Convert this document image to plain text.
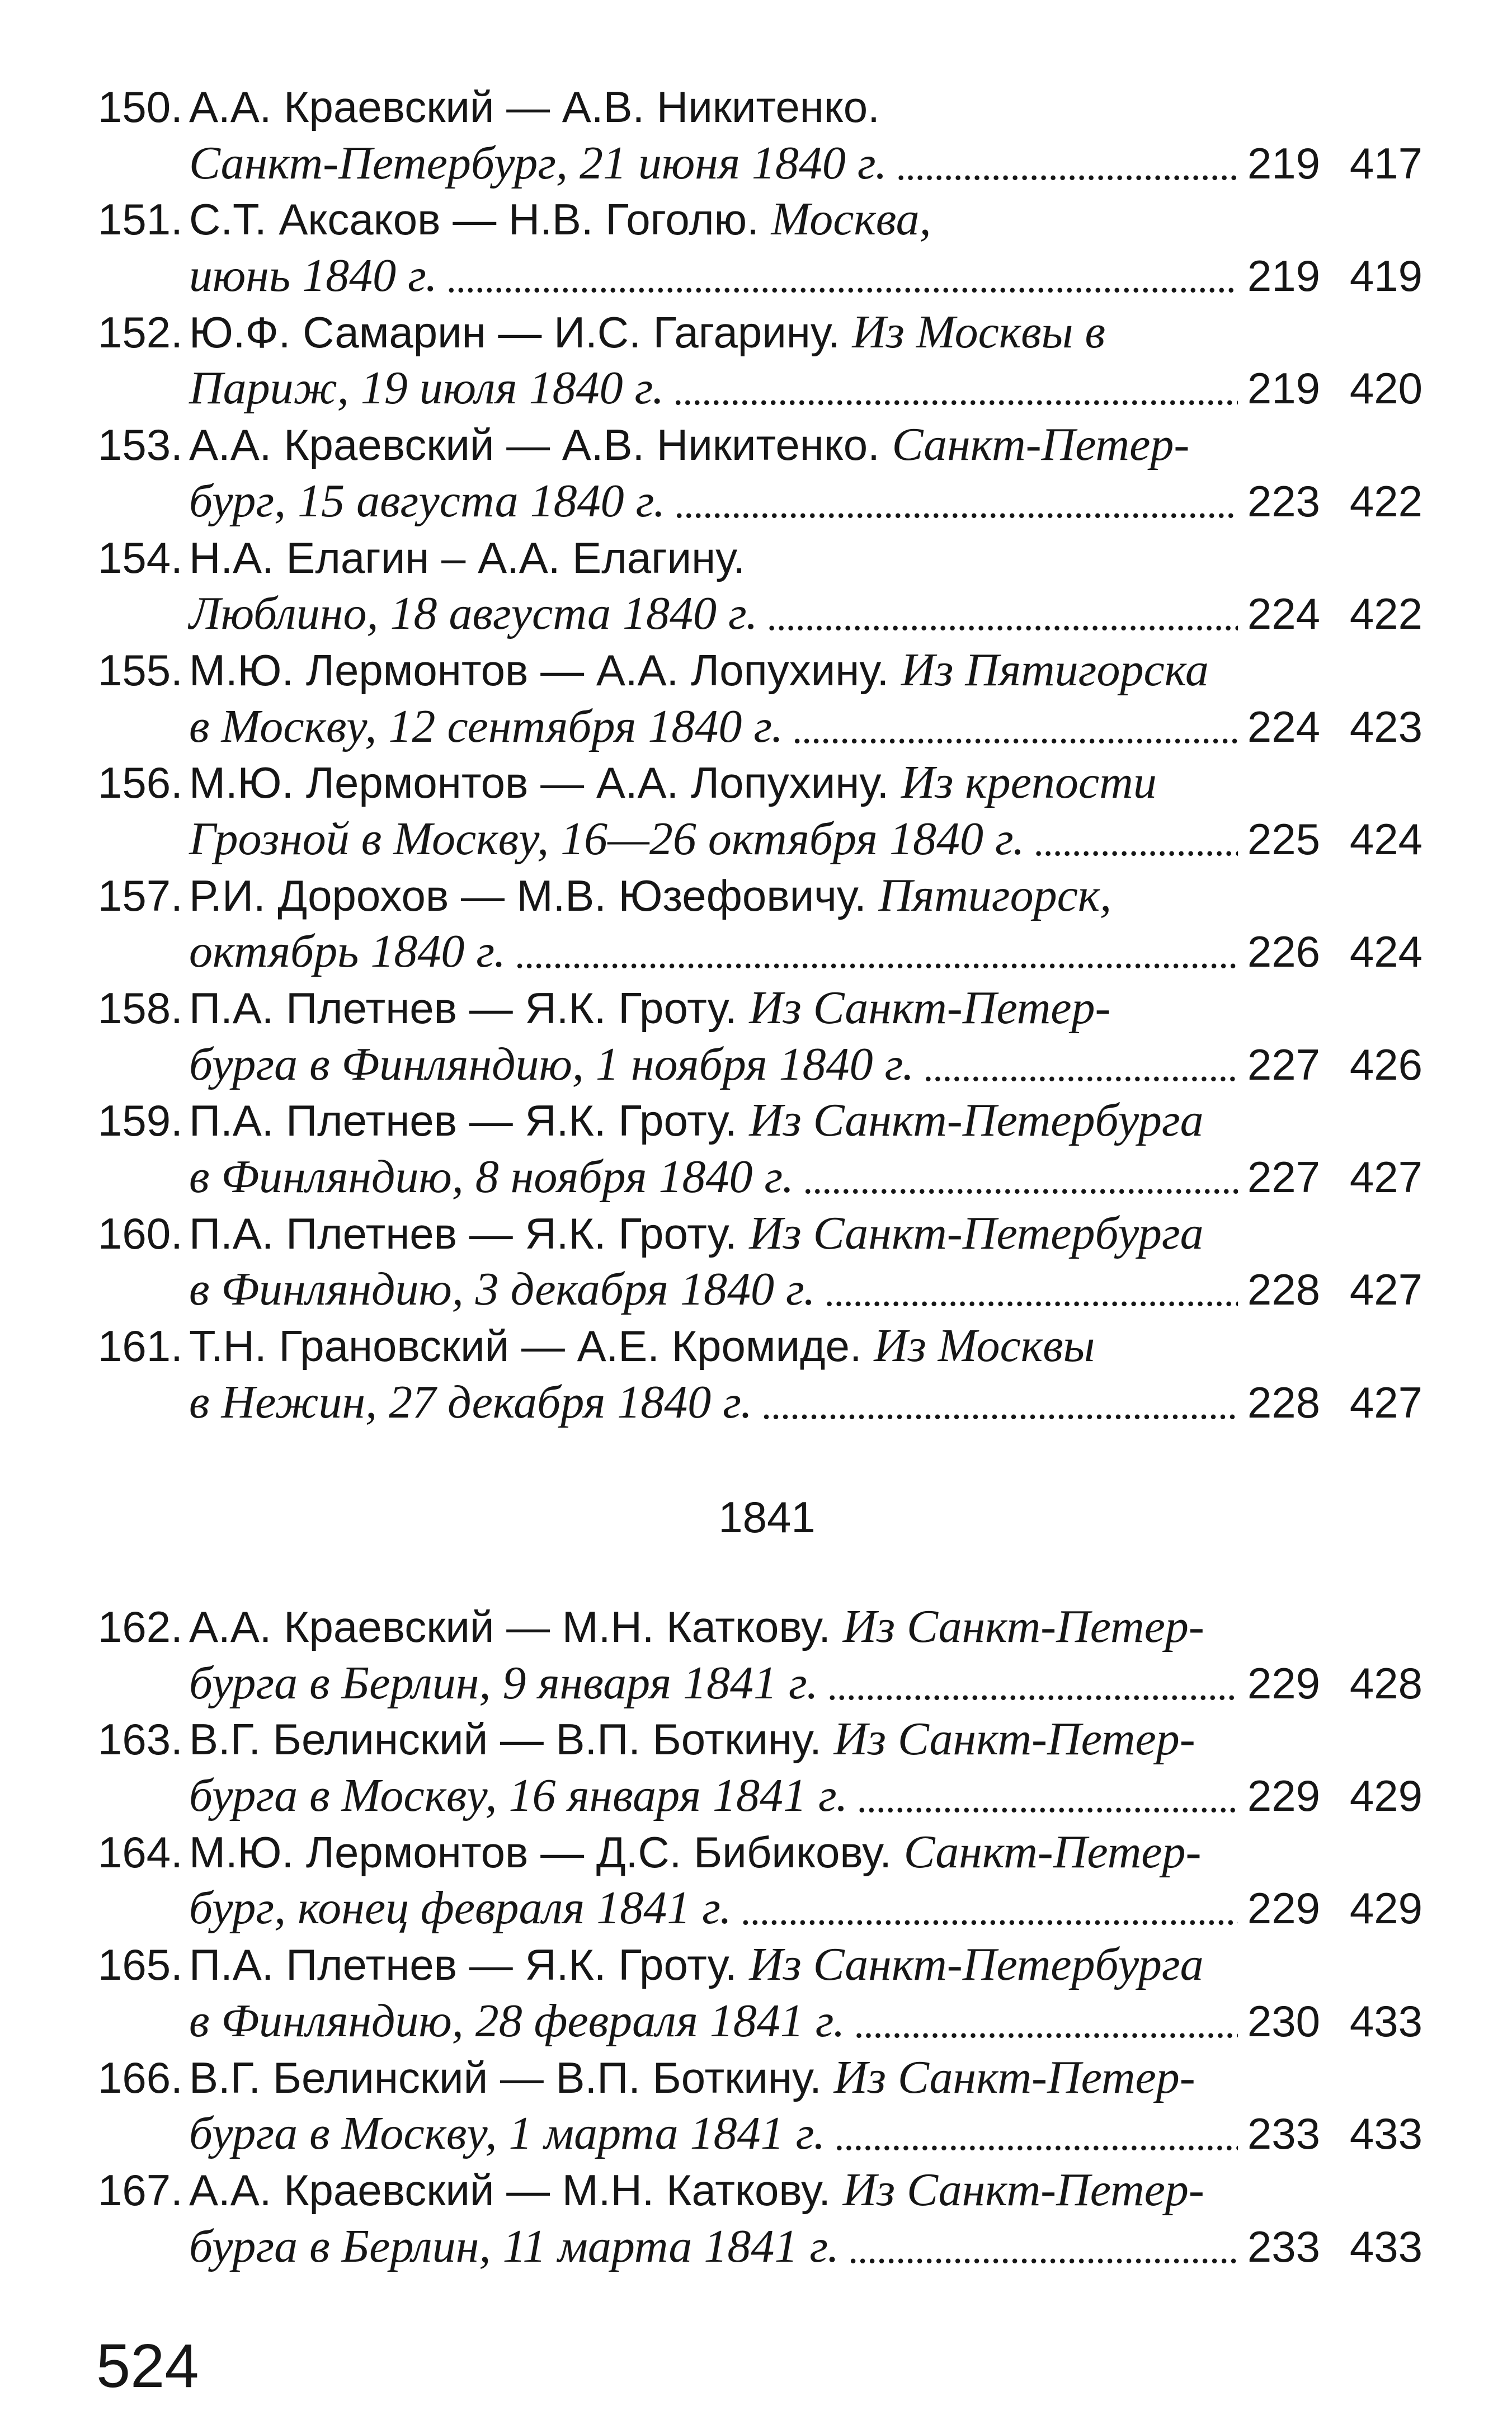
150. А.А. Краевский — А.В. Никитенко.
Санкт-Петербург, 21 июня 1840 г. .....	219 417
151. С.Т. Аксаков — Н.В. Гоголю. Москва,
июнь 1840 г. .....	219 419
152. Ю.Ф. Самарин — И.С. Гагарину. Из Москвы в
Париж, 19 июля 1840 г. .....	219 420
153. А.А. Краевский — А.В. Никитенко. Санкт-Петер-
бург, 15 августа 1840 г. .....	223 422
154. Н.А. Елагин – А.А. Елагину.
Люблино, 18 августа 1840 г. .....	224 422
155. М.Ю. Лермонтов — А.А. Лопухину. Из Пятигорска
в Москву, 12 сентября 1840 г. .....	224 423
156. М.Ю. Лермонтов — А.А. Лопухину. Из крепости
Грозной в Москву, 16—26 октября 1840 г. .....	225 424
157. Р.И. Дорохов — М.В. Юзефовичу. Пятигорск,
октябрь 1840 г. .....	226 424
158. П.А. Плетнев — Я.К. Гроту. Из Санкт-Петер-
бурга в Финляндию, 1 ноября 1840 г. .....	227 426
159. П.А. Плетнев — Я.К. Гроту. Из Санкт-Петербурга
в Финляндию, 8 ноября 1840 г. .....	227 427
160. П.А. Плетнев — Я.К. Гроту. Из Санкт-Петербурга
в Финляндию, 3 декабря 1840 г. .....	228 427
161. Т.Н. Грановский — А.Е. Кромиде. Из Москвы
в Нежин, 27 декабря 1840 г. .....	228 427
1841
162. А.А. Краевский — М.Н. Каткову. Из Санкт-Петер-
бурга в Берлин, 9 января 1841 г. .....	229 428
163. В.Г. Белинский — В.П. Боткину. Из Санкт-Петер-
бурга в Москву, 16 января 1841 г. .....	229 429
164. М.Ю. Лермонтов — Д.С. Бибикову. Санкт-Петер-
бург, конец февраля 1841 г. .....	229 429
165. П.А. Плетнев — Я.К. Гроту. Из Санкт-Петербурга
в Финляндию, 28 февраля 1841 г. .....	230 433
166. В.Г. Белинский — В.П. Боткину. Из Санкт-Петер-
бурга в Москву, 1 марта 1841 г. .....	233 433
167. А.А. Краевский — М.Н. Каткову. Из Санкт-Петер-
бурга в Берлин, 11 марта 1841 г. .....	233 433
524
